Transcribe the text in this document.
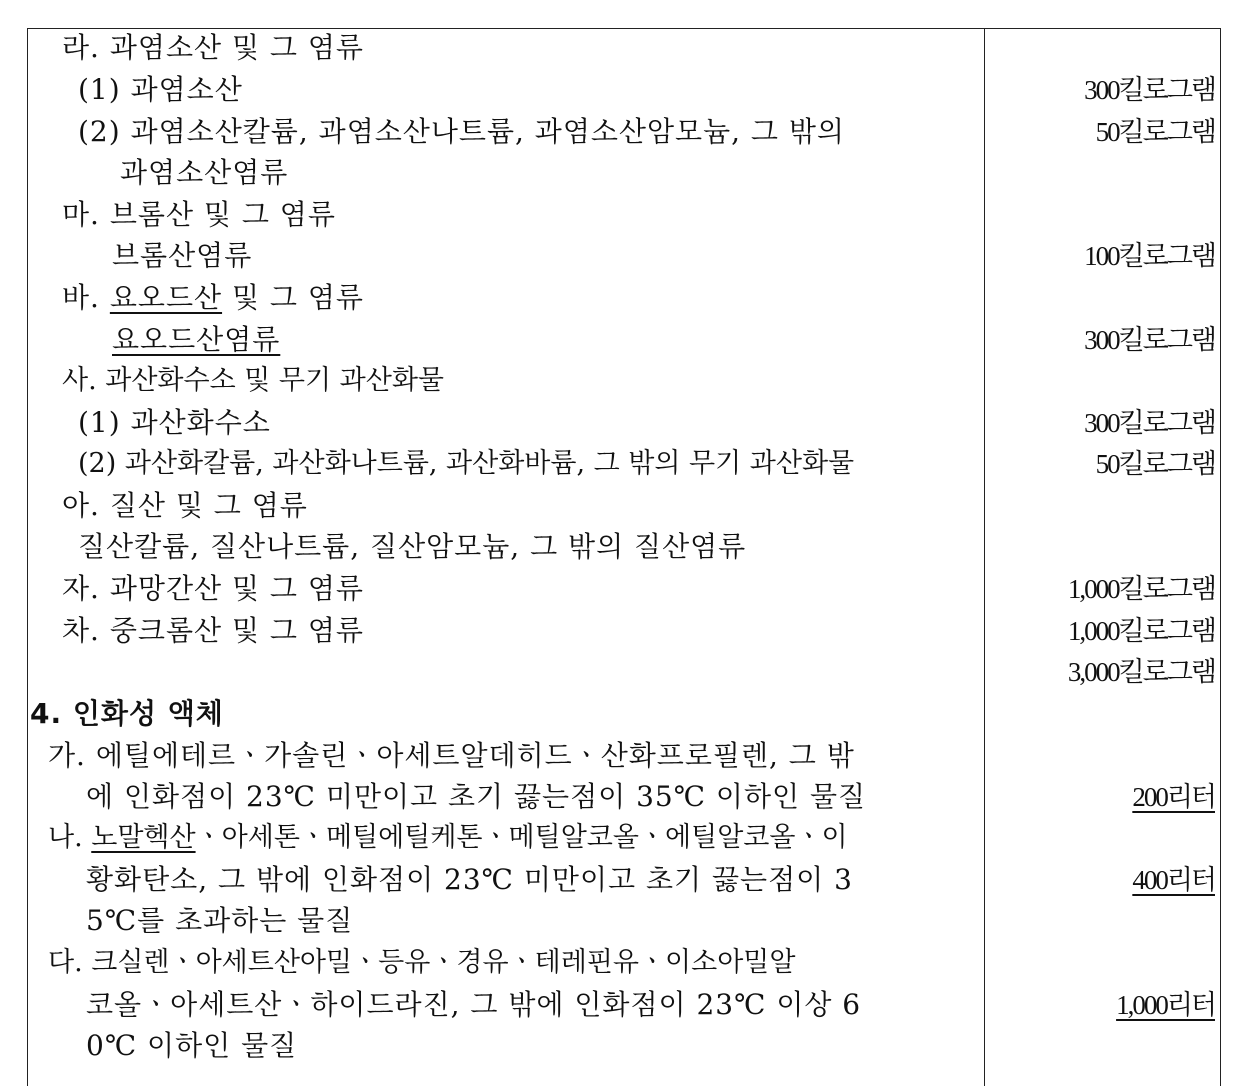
라. 과염소산 및 그 염류
(1) 과염소산	300킬로그램
(2) 과염소산칼륨, 과염소산나트륨, 과염소산암모늄, 그 밖의	50킬로그램
과염소산염류
마. 브롬산 및 그 염류
브롬산염류	100킬로그램
바. 요오드산 및 그 염류
요오드산염류	300킬로그램
사. 과산화수소 및 무기 과산화물
(1) 과산화수소	300킬로그램
(2) 과산화칼륨, 과산화나트륨, 과산화바륨, 그 밖의 무기 과산화물	50킬로그램
아. 질산 및 그 염류
질산칼륨, 질산나트륨, 질산암모늄, 그 밖의 질산염류
자. 과망간산 및 그 염류	1,000킬로그램
차. 중크롬산 및 그 염류	1,000킬로그램
3,000킬로그램
4. 인화성 액체
가. 에틸에테르ㆍ가솔린ㆍ아세트알데히드ㆍ산화프로필렌, 그 밖
에 인화점이 23℃ 미만이고 초기 끓는점이 35℃ 이하인 물질	200리터
나. 노말헥산ㆍ아세톤ㆍ메틸에틸케톤ㆍ메틸알코올ㆍ에틸알코올ㆍ이
황화탄소, 그 밖에 인화점이 23℃ 미만이고 초기 끓는점이 3	400리터
5℃를 초과하는 물질
다. 크실렌ㆍ아세트산아밀ㆍ등유ㆍ경유ㆍ테레핀유ㆍ이소아밀알
코올ㆍ아세트산ㆍ하이드라진, 그 밖에 인화점이 23℃ 이상 6	1,000리터
0℃ 이하인 물질
